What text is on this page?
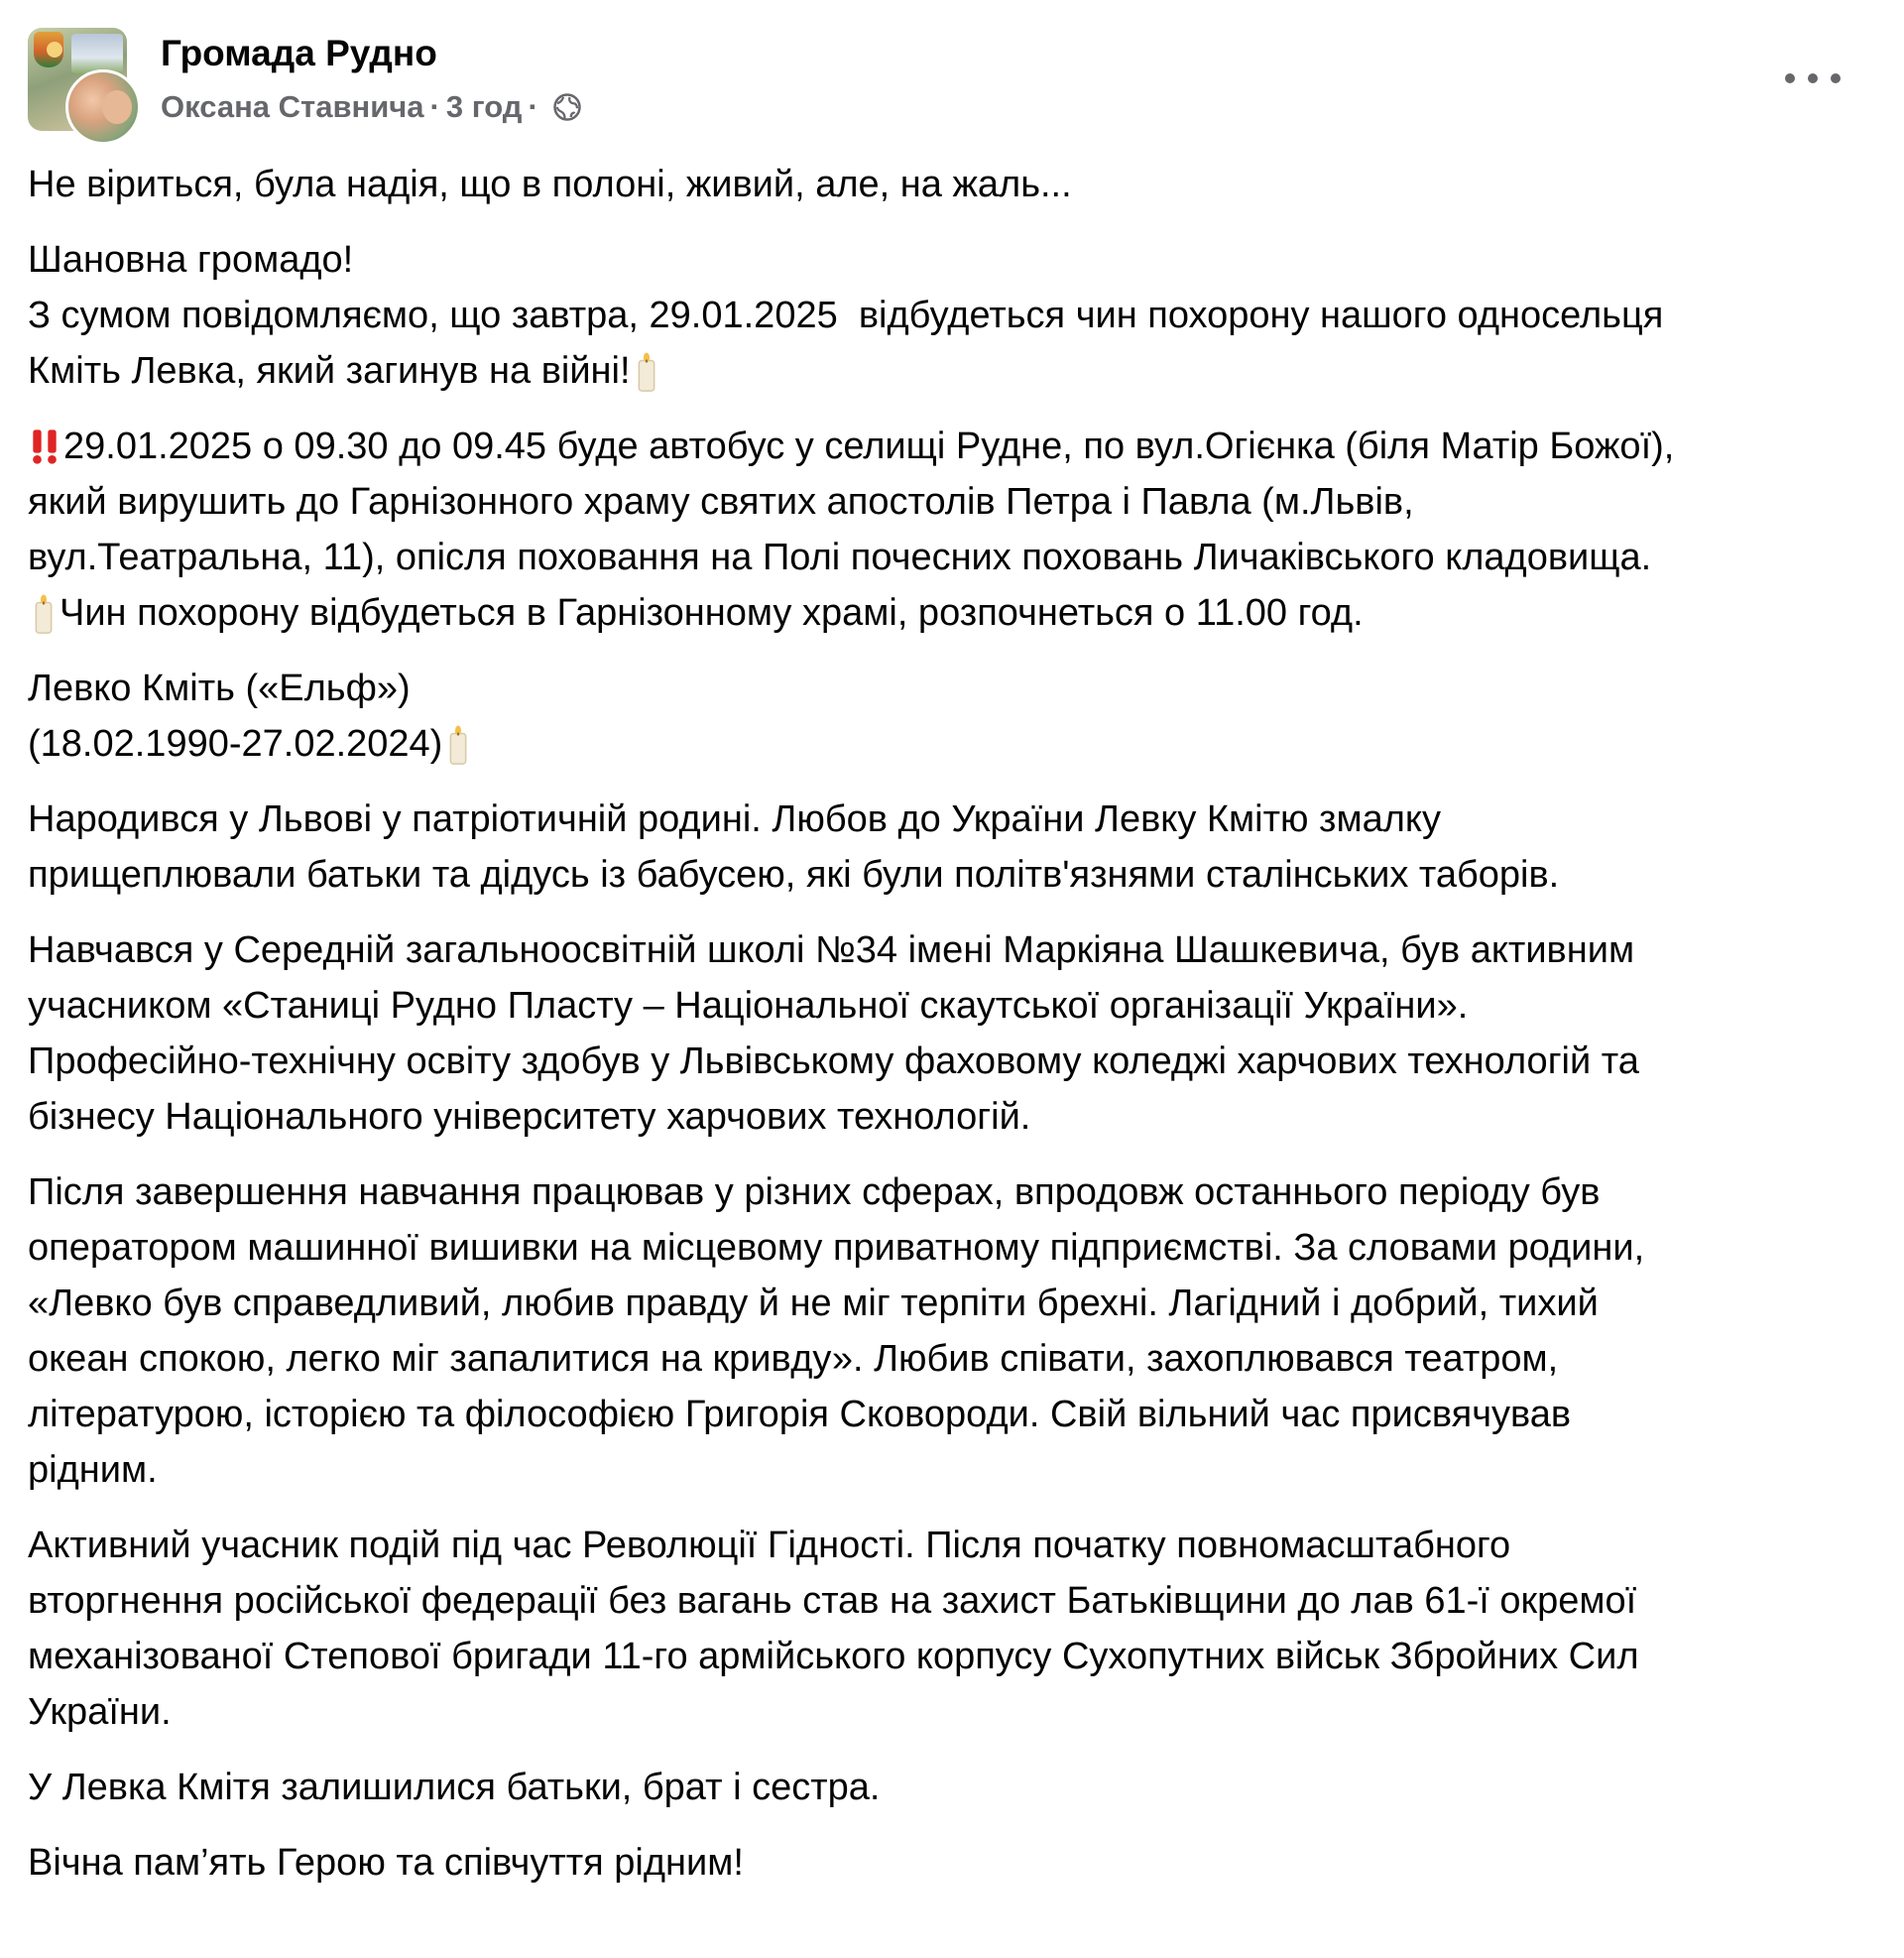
Громада Рудно
Оксана Ставнича · 3 год ·

Не віриться, була надія, що в полоні, живий, але, на жаль...

Шановна громадо!
З сумом повідомляємо, що завтра, 29.01.2025  відбудеться чин похорону нашого односельця
Кміть Левка, який загинув на війні!

29.01.2025 о 09.30 до 09.45 буде автобус у селищі Рудне, по вул.Огієнка (біля Матір Божої),
який вирушить до Гарнізонного храму святих апостолів Петра і Павла (м.Львів,
вул.Театральна, 11), опісля поховання на Полі почесних поховань Личаківського кладовища.
Чин похорону відбудеться в Гарнізонному храмі, розпочнеться о 11.00 год.

Левко Кміть («Ельф»)
(18.02.1990-27.02.2024)

Народився у Львові у патріотичній родині. Любов до України Левку Кмітю змалку
прищеплювали батьки та дідусь із бабусею, які були політв'язнями сталінських таборів.

Навчався у Середній загальноосвітній школі №34 імені Маркіяна Шашкевича, був активним
учасником «Станиці Рудно Пласту – Національної скаутської організації України».
Професійно-технічну освіту здобув у Львівському фаховому коледжі харчових технологій та
бізнесу Національного університету харчових технологій.

Після завершення навчання працював у різних сферах, впродовж останнього періоду був
оператором машинної вишивки на місцевому приватному підприємстві. За словами родини,
«Левко був справедливий, любив правду й не міг терпіти брехні. Лагідний і добрий, тихий
океан спокою, легко міг запалитися на кривду». Любив співати, захоплювався театром,
літературою, історією та філософією Григорія Сковороди. Свій вільний час присвячував
рідним.

Активний учасник подій під час Революції Гідності. Після початку повномасштабного
вторгнення російської федерації без вагань став на захист Батьківщини до лав 61-ї окремої
механізованої Степової бригади 11-го армійського корпусу Сухопутних військ Збройних Сил
України.

У Левка Кмітя залишилися батьки, брат і сестра.

Вічна пам’ять Герою та співчуття рідним!
